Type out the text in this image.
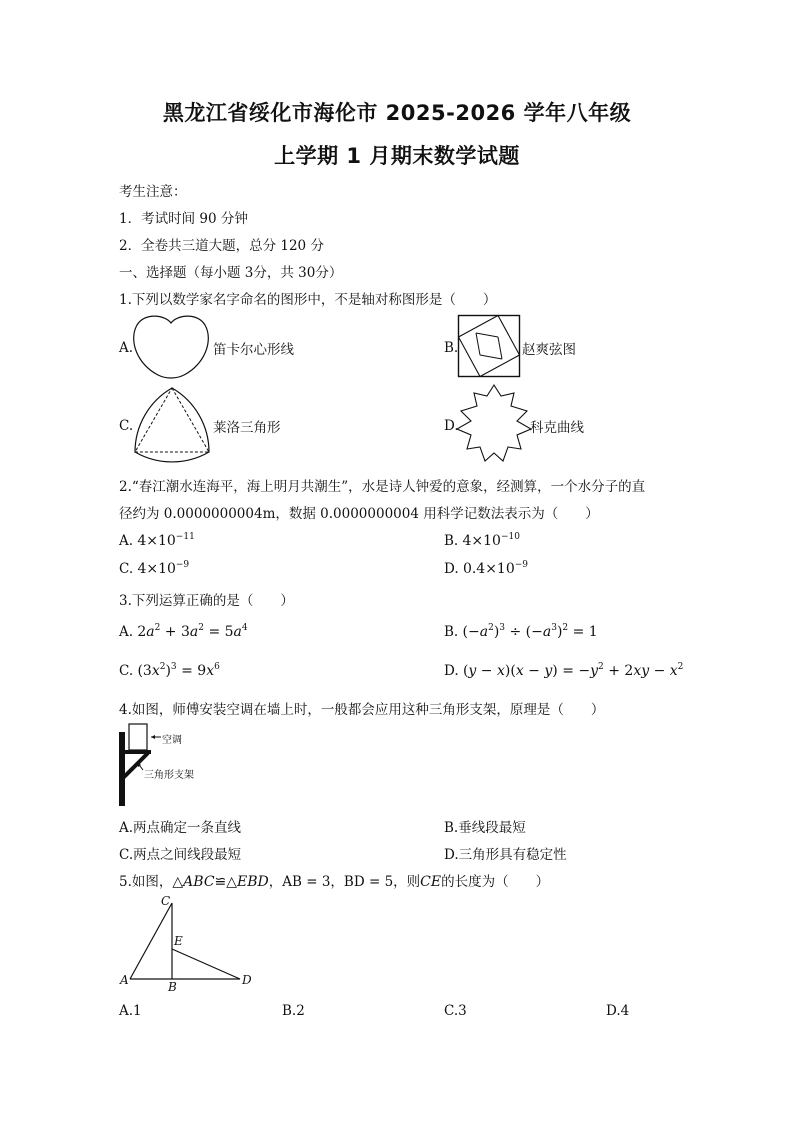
黑龙江省绥化市海伦市 2025-2026 学年八年级
上学期 1 月期末数学试题
考生注意：
1．考试时间 90 分钟
2．全卷共三道大题，总分 120 分
一、选择题（每小题 3分，共 30分）
1.下列以数学家名字命名的图形中，不是轴对称图形是（　　）
A.	笛卡尔心形线	B.	赵爽弦图
C.	莱洛三角形	D.	科克曲线
2.“春江潮水连海平，海上明月共潮生”，水是诗人钟爱的意象，经测算，一个水分子的直
径约为 0.0000000004m，数据 0.0000000004 用科学记数法表示为（　　）
A. $4\times 10^{-11}$	B. $4\times 10^{-10}$
C. $4\times 10^{-9}$	D. $0.4\times 10^{-9}$
3.下列运算正确的是（　　）
A. $2a^2 + 3a^2 = 5a^4$	B. $(-a^2)^3 \div (-a^3)^2 = 1$
C. $(3x^2)^3 = 9x^6$	D. $(y - x)(x - y) = -y^2 + 2xy - x^2$
4.如图，师傅安装空调在墙上时，一般都会应用这种三角形支架，原理是（　　）
空调
三角形支架
A.两点确定一条直线	B.垂线段最短
C.两点之间线段最短	D.三角形具有稳定性
5.如图，△ABC≌△EBD，AB = 3，BD = 5，则CE的长度为（　　）
C
E
A	B	D
A.1	B.2	C.3	D.4
